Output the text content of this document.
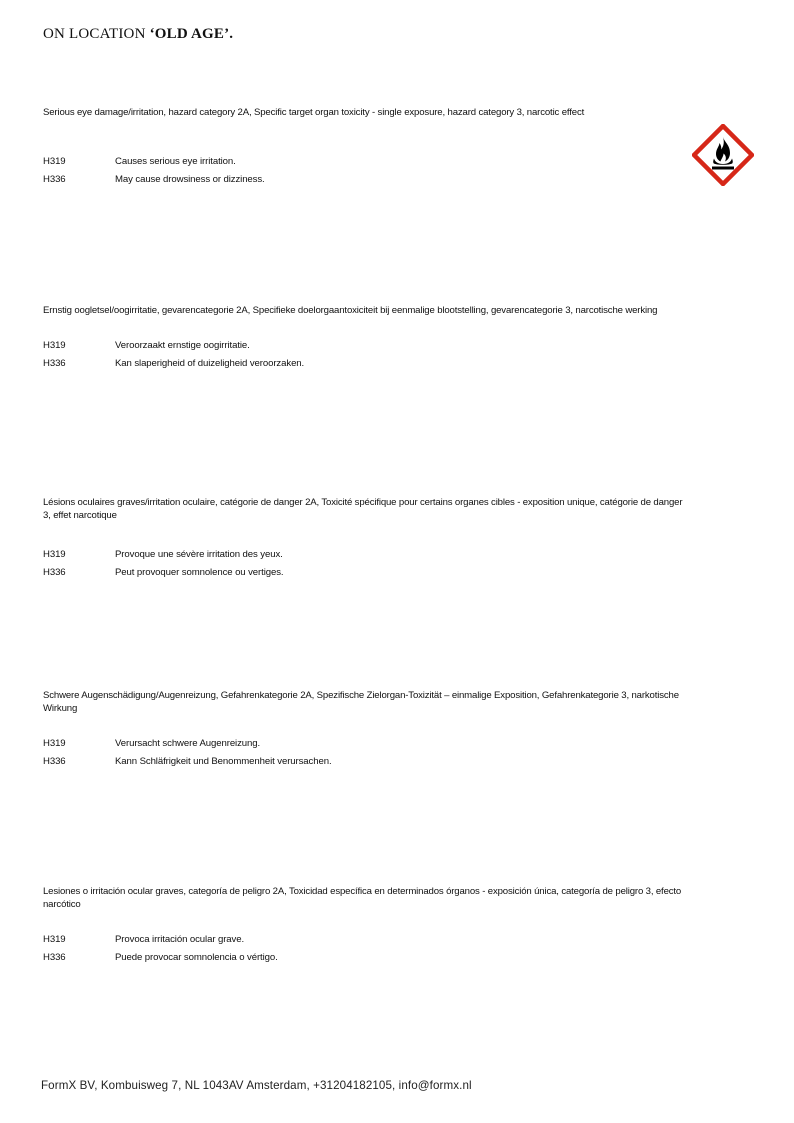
ON LOCATION ‘OLD AGE’.
Serious eye damage/irritation, hazard category 2A, Specific target organ toxicity - single exposure, hazard category 3, narcotic effect
H319	Causes serious eye irritation.
H336	May cause drowsiness or dizziness.
Ernstig oogletsel/oogirritatie, gevarencategorie 2A, Specifieke doelorgaantoxiciteit bij eenmalige blootstelling, gevarencategorie 3, narcotische werking
H319	Veroorzaakt ernstige oogirritatie.
H336	Kan slaperigheid of duizeligheid veroorzaken.
Lésions oculaires graves/irritation oculaire, catégorie de danger 2A, Toxicité spécifique pour certains organes cibles - exposition unique, catégorie de danger 3, effet narcotique
H319	Provoque une sévère irritation des yeux.
H336	Peut provoquer somnolence ou vertiges.
Schwere Augenschädigung/Augenreizung, Gefahrenkategorie 2A, Spezifische Zielorgan-Toxizität – einmalige Exposition, Gefahrenkategorie 3, narkotische Wirkung
H319	Verursacht schwere Augenreizung.
H336	Kann Schläfrigkeit und Benommenheit verursachen.
Lesiones o irritación ocular graves, categoría de peligro 2A, Toxicidad específica en determinados órganos - exposición única, categoría de peligro 3, efecto narcótico
H319	Provoca irritación ocular grave.
H336	Puede provocar somnolencia o vértigo.
FormX BV, Kombuisweg 7, NL 1043AV Amsterdam, +31204182105, info@formx.nl
